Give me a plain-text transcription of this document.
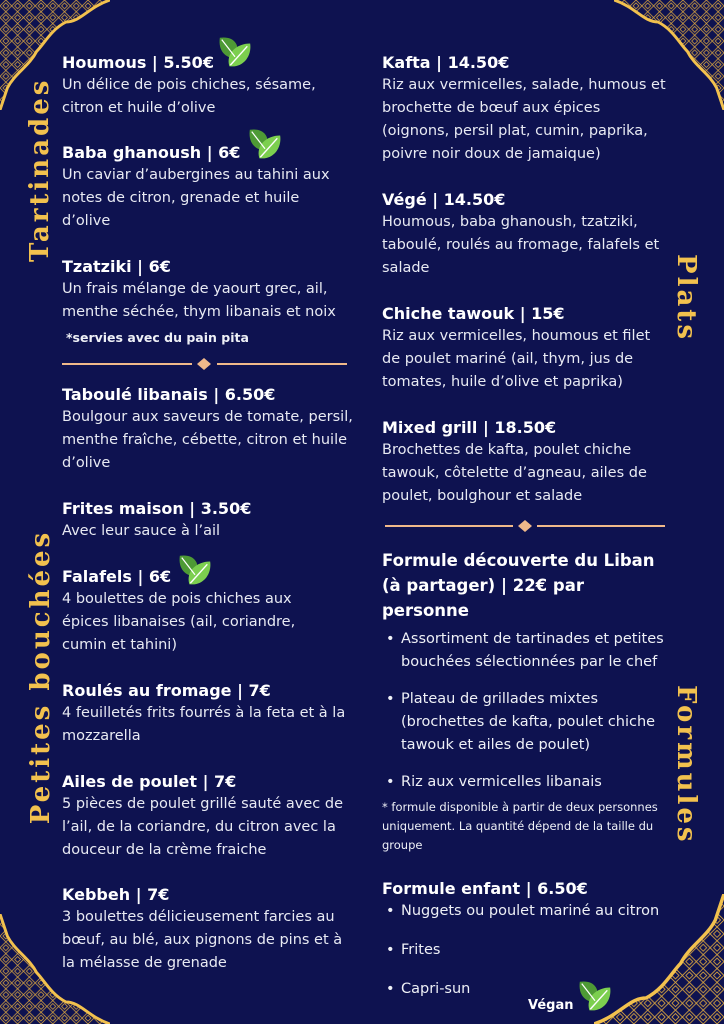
Tartinades
Petites bouchées
Plats
Formules
Houmous | 5.50€
Un délice de pois chiches, sésame, citron et huile d’olive
Baba ghanoush | 6€
Un caviar d’aubergines au tahini aux notes de citron, grenade et huile d’olive
Tzatziki | 6€
Un frais mélange de yaourt grec, ail, menthe séchée, thym libanais et noix
*servies avec du pain pita
Taboulé libanais | 6.50€
Boulgour aux saveurs de tomate, persil, menthe fraîche, cébette, citron et huile d’olive
Frites maison | 3.50€
Avec leur sauce à l’ail
Falafels | 6€
4 boulettes de pois chiches aux épices libanaises (ail, coriandre, cumin et tahini)
Roulés au fromage | 7€
4 feuilletés frits fourrés à la feta et à la mozzarella
Ailes de poulet | 7€
5 pièces de poulet grillé sauté avec de l’ail, de la coriandre, du citron avec la douceur de la crème fraiche
Kebbeh | 7€
3 boulettes délicieusement farcies au bœuf, au blé, aux pignons de pins et à la mélasse de grenade
Kafta | 14.50€
Riz aux vermicelles, salade, humous et brochette de bœuf aux épices (oignons, persil plat, cumin, paprika, poivre noir doux de jamaique)
Végé | 14.50€
Houmous, baba ghanoush, tzatziki, taboulé, roulés au fromage, falafels et salade
Chiche tawouk | 15€
Riz aux vermicelles, houmous et filet de poulet mariné (ail, thym, jus de tomates, huile d’olive et paprika)
Mixed grill | 18.50€
Brochettes de kafta, poulet chiche tawouk, côtelette d’agneau, ailes de poulet, boulghour et salade
Formule découverte du Liban (à partager) | 22€ par personne
• Assortiment de tartinades et petites bouchées sélectionnées par le chef
• Plateau de grillades mixtes (brochettes de kafta, poulet chiche tawouk et ailes de poulet)
• Riz aux vermicelles libanais
* formule disponible à partir de deux personnes uniquement. La quantité dépend de la taille du groupe
Formule enfant | 6.50€
• Nuggets ou poulet mariné au citron
• Frites
• Capri-sun
Végan
